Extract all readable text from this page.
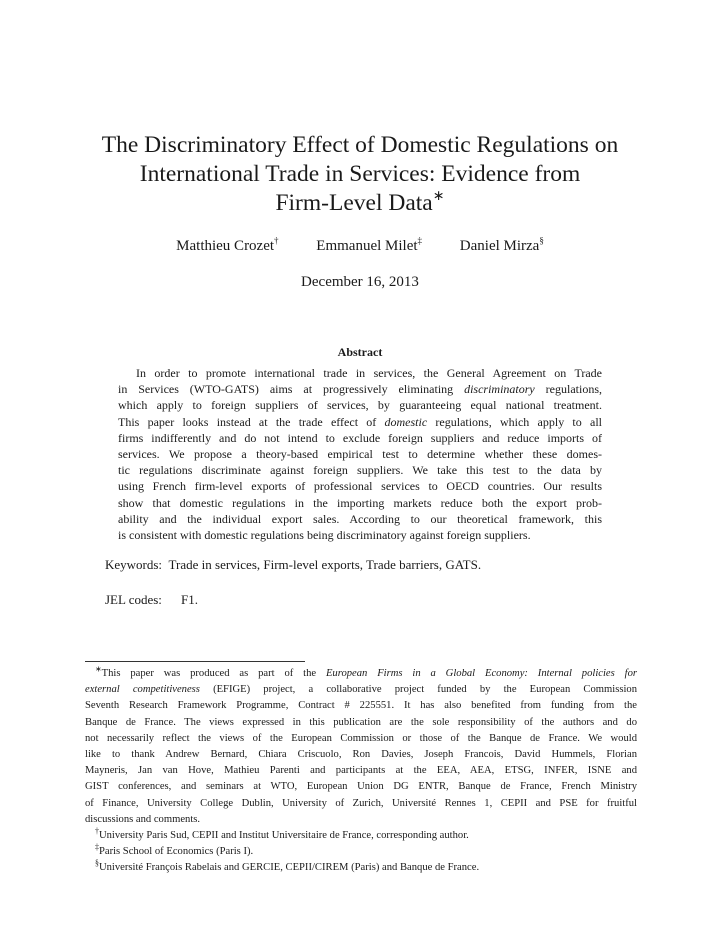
The Discriminatory Effect of Domestic Regulations on
International Trade in Services: Evidence from
Firm-Level Data∗
Matthieu Crozet†	Emmanuel Milet‡	Daniel Mirza§
December 16, 2013
Abstract
In order to promote international trade in services, the General Agreement on Trade
in Services (WTO-GATS) aims at progressively eliminating discriminatory regulations,
which apply to foreign suppliers of services, by guaranteeing equal national treatment.
This paper looks instead at the trade effect of domestic regulations, which apply to all
firms indifferently and do not intend to exclude foreign suppliers and reduce imports of
services. We propose a theory-based empirical test to determine whether these domes-
tic regulations discriminate against foreign suppliers. We take this test to the data by
using French firm-level exports of professional services to OECD countries. Our results
show that domestic regulations in the importing markets reduce both the export prob-
ability and the individual export sales. According to our theoretical framework, this
is consistent with domestic regulations being discriminatory against foreign suppliers.
Keywords: Trade in services, Firm-level exports, Trade barriers, GATS.
JEL codes: F1.
∗This paper was produced as part of the European Firms in a Global Economy: Internal policies for
external competitiveness (EFIGE) project, a collaborative project funded by the European Commission
Seventh Research Framework Programme, Contract # 225551. It has also benefited from funding from the
Banque de France. The views expressed in this publication are the sole responsibility of the authors and do
not necessarily reflect the views of the European Commission or those of the Banque de France. We would
like to thank Andrew Bernard, Chiara Criscuolo, Ron Davies, Joseph Francois, David Hummels, Florian
Mayneris, Jan van Hove, Mathieu Parenti and participants at the EEA, AEA, ETSG, INFER, ISNE and
GIST conferences, and seminars at WTO, European Union DG ENTR, Banque de France, French Ministry
of Finance, University College Dublin, University of Zurich, Université Rennes 1, CEPII and PSE for fruitful
discussions and comments.
†University Paris Sud, CEPII and Institut Universitaire de France, corresponding author.
‡Paris School of Economics (Paris I).
§Université François Rabelais and GERCIE, CEPII/CIREM (Paris) and Banque de France.
